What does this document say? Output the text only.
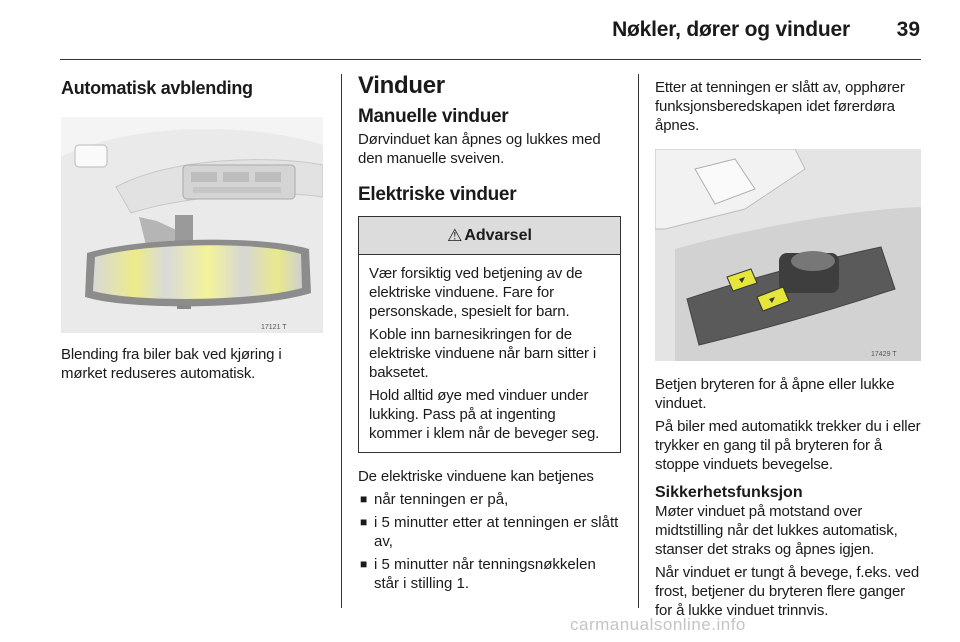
Nøkler, dører og vinduer	39
Automatisk avblending
17121 T

Blending fra biler bak ved kjøring i mørket reduseres automatisk.

Vinduer
Manuelle vinduer

Dørvinduet kan åpnes og lukkes med den manuelle sveiven.

Elektriske vinduer
⚠ Advarsel

Vær forsiktig ved betjening av de elektriske vinduene. Fare for personskade, spesielt for barn.

Koble inn barnesikringen for de elektriske vinduene når barn sitter i baksetet.

Hold alltid øye med vinduer under lukking. Pass på at ingenting kommer i klem når de beveger seg.

De elektriske vinduene kan betjenes

■ når tenningen er på,
■ i 5 minutter etter at tenningen er slått av,
■ i 5 minutter når tenningsnøkkelen står i stilling 1.

Etter at tenningen er slått av, opphører funksjonsberedskapen idet førerdøra åpnes.

17429 T

Betjen bryteren for å åpne eller lukke vinduet.

På biler med automatikk trekker du i eller trykker en gang til på bryteren for å stoppe vinduets bevegelse.

Sikkerhetsfunksjon

Møter vinduet på motstand over midtstilling når det lukkes automatisk, stanser det straks og åpnes igjen.

Når vinduet er tungt å bevege, f.eks. ved frost, betjener du bryteren flere ganger for å lukke vinduet trinnvis.

carmanualsonline.info
